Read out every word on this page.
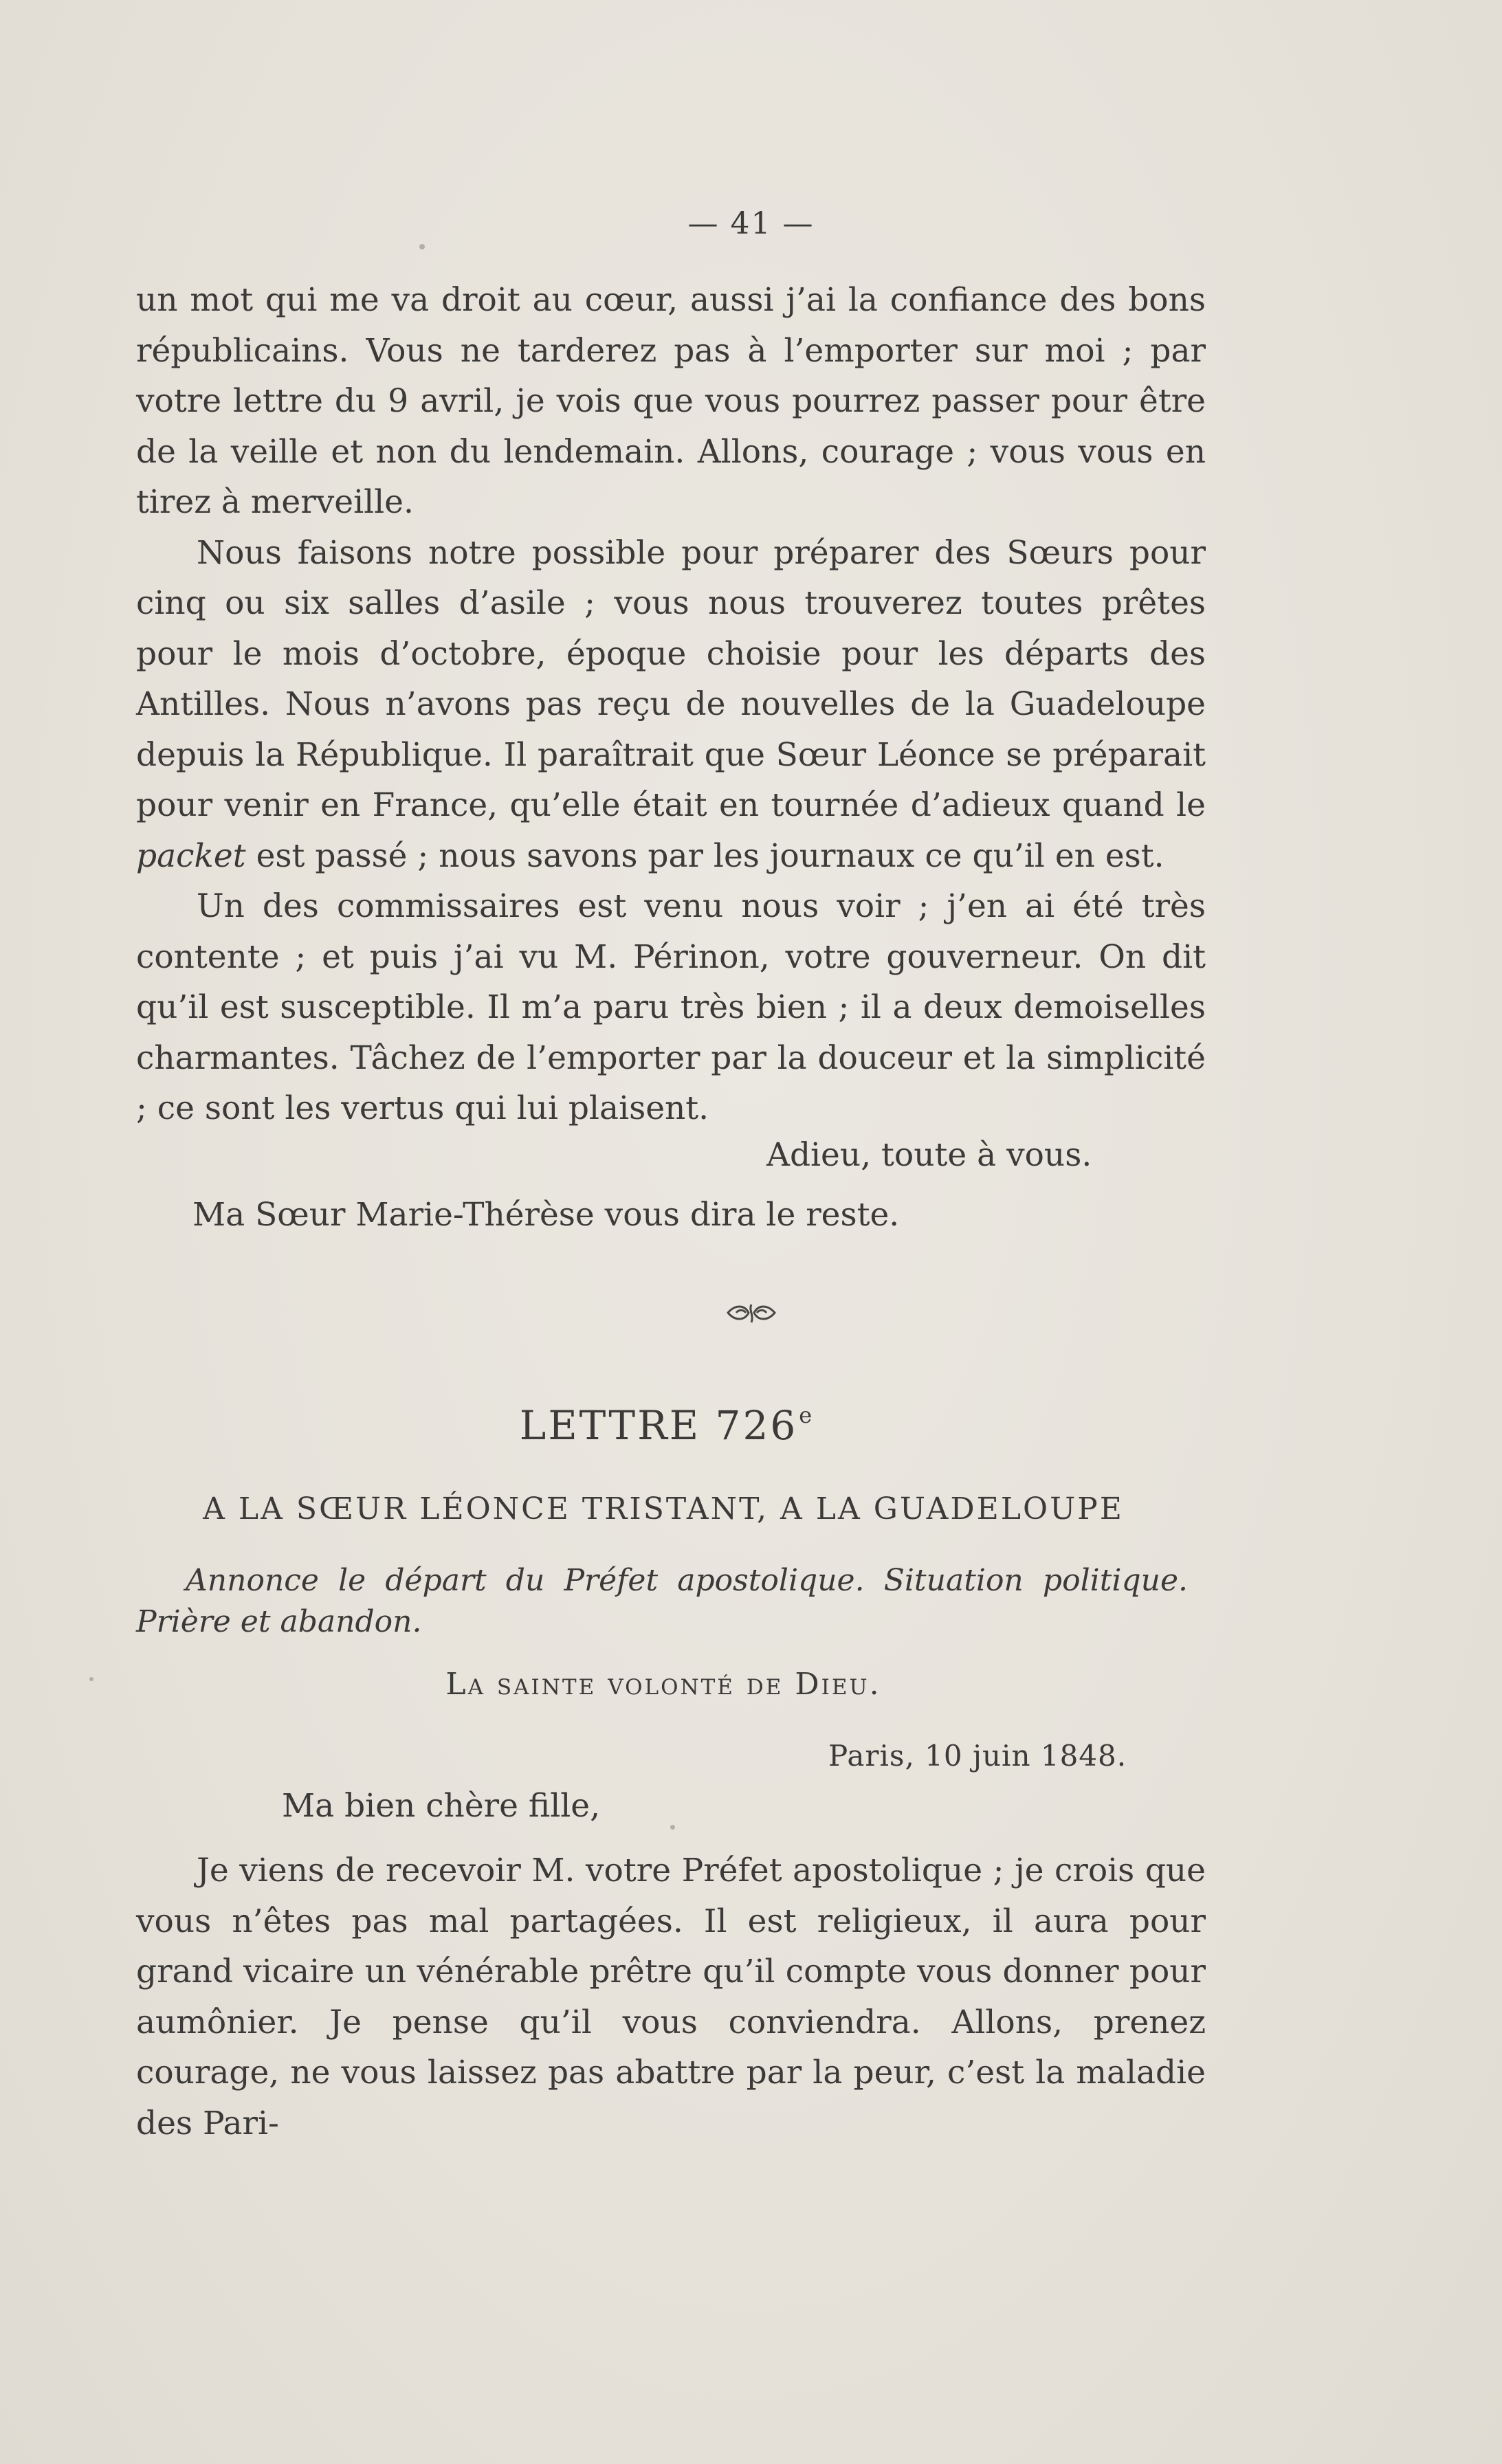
— 41 —

un mot qui me va droit au cœur, aussi j’ai la confiance des bons républicains. Vous ne tarderez pas à l’emporter sur moi ; par votre lettre du 9 avril, je vois que vous pourrez passer pour être de la veille et non du lendemain. Allons, courage ; vous vous en tirez à merveille.

Nous faisons notre possible pour préparer des Sœurs pour cinq ou six salles d’asile ; vous nous trouverez toutes prêtes pour le mois d’octobre, époque choisie pour les départs des Antilles. Nous n’avons pas reçu de nouvelles de la Guadeloupe depuis la République. Il paraîtrait que Sœur Léonce se préparait pour venir en France, qu’elle était en tournée d’adieux quand le packet est passé ; nous savons par les journaux ce qu’il en est.

Un des commissaires est venu nous voir ; j’en ai été très contente ; et puis j’ai vu M. Périnon, votre gouverneur. On dit qu’il est susceptible. Il m’a paru très bien ; il a deux demoiselles charmantes. Tâchez de l’emporter par la douceur et la simplicité ; ce sont les vertus qui lui plaisent.

Adieu, toute à vous.
Ma Sœur Marie-Thérèse vous dira le reste.
LETTRE 726e
A LA SŒUR LÉONCE TRISTANT, A LA GUADELOUPE
Annonce le départ du Préfet apostolique. Situation politique. Prière et abandon.
La sainte volonté de Dieu.
Paris, 10 juin 1848.
Ma bien chère fille,

Je viens de recevoir M. votre Préfet apostolique ; je crois que vous n’êtes pas mal partagées. Il est religieux, il aura pour grand vicaire un vénérable prêtre qu’il compte vous donner pour aumônier. Je pense qu’il vous conviendra. Allons, prenez courage, ne vous laissez pas abattre par la peur, c’est la maladie des Pari-
